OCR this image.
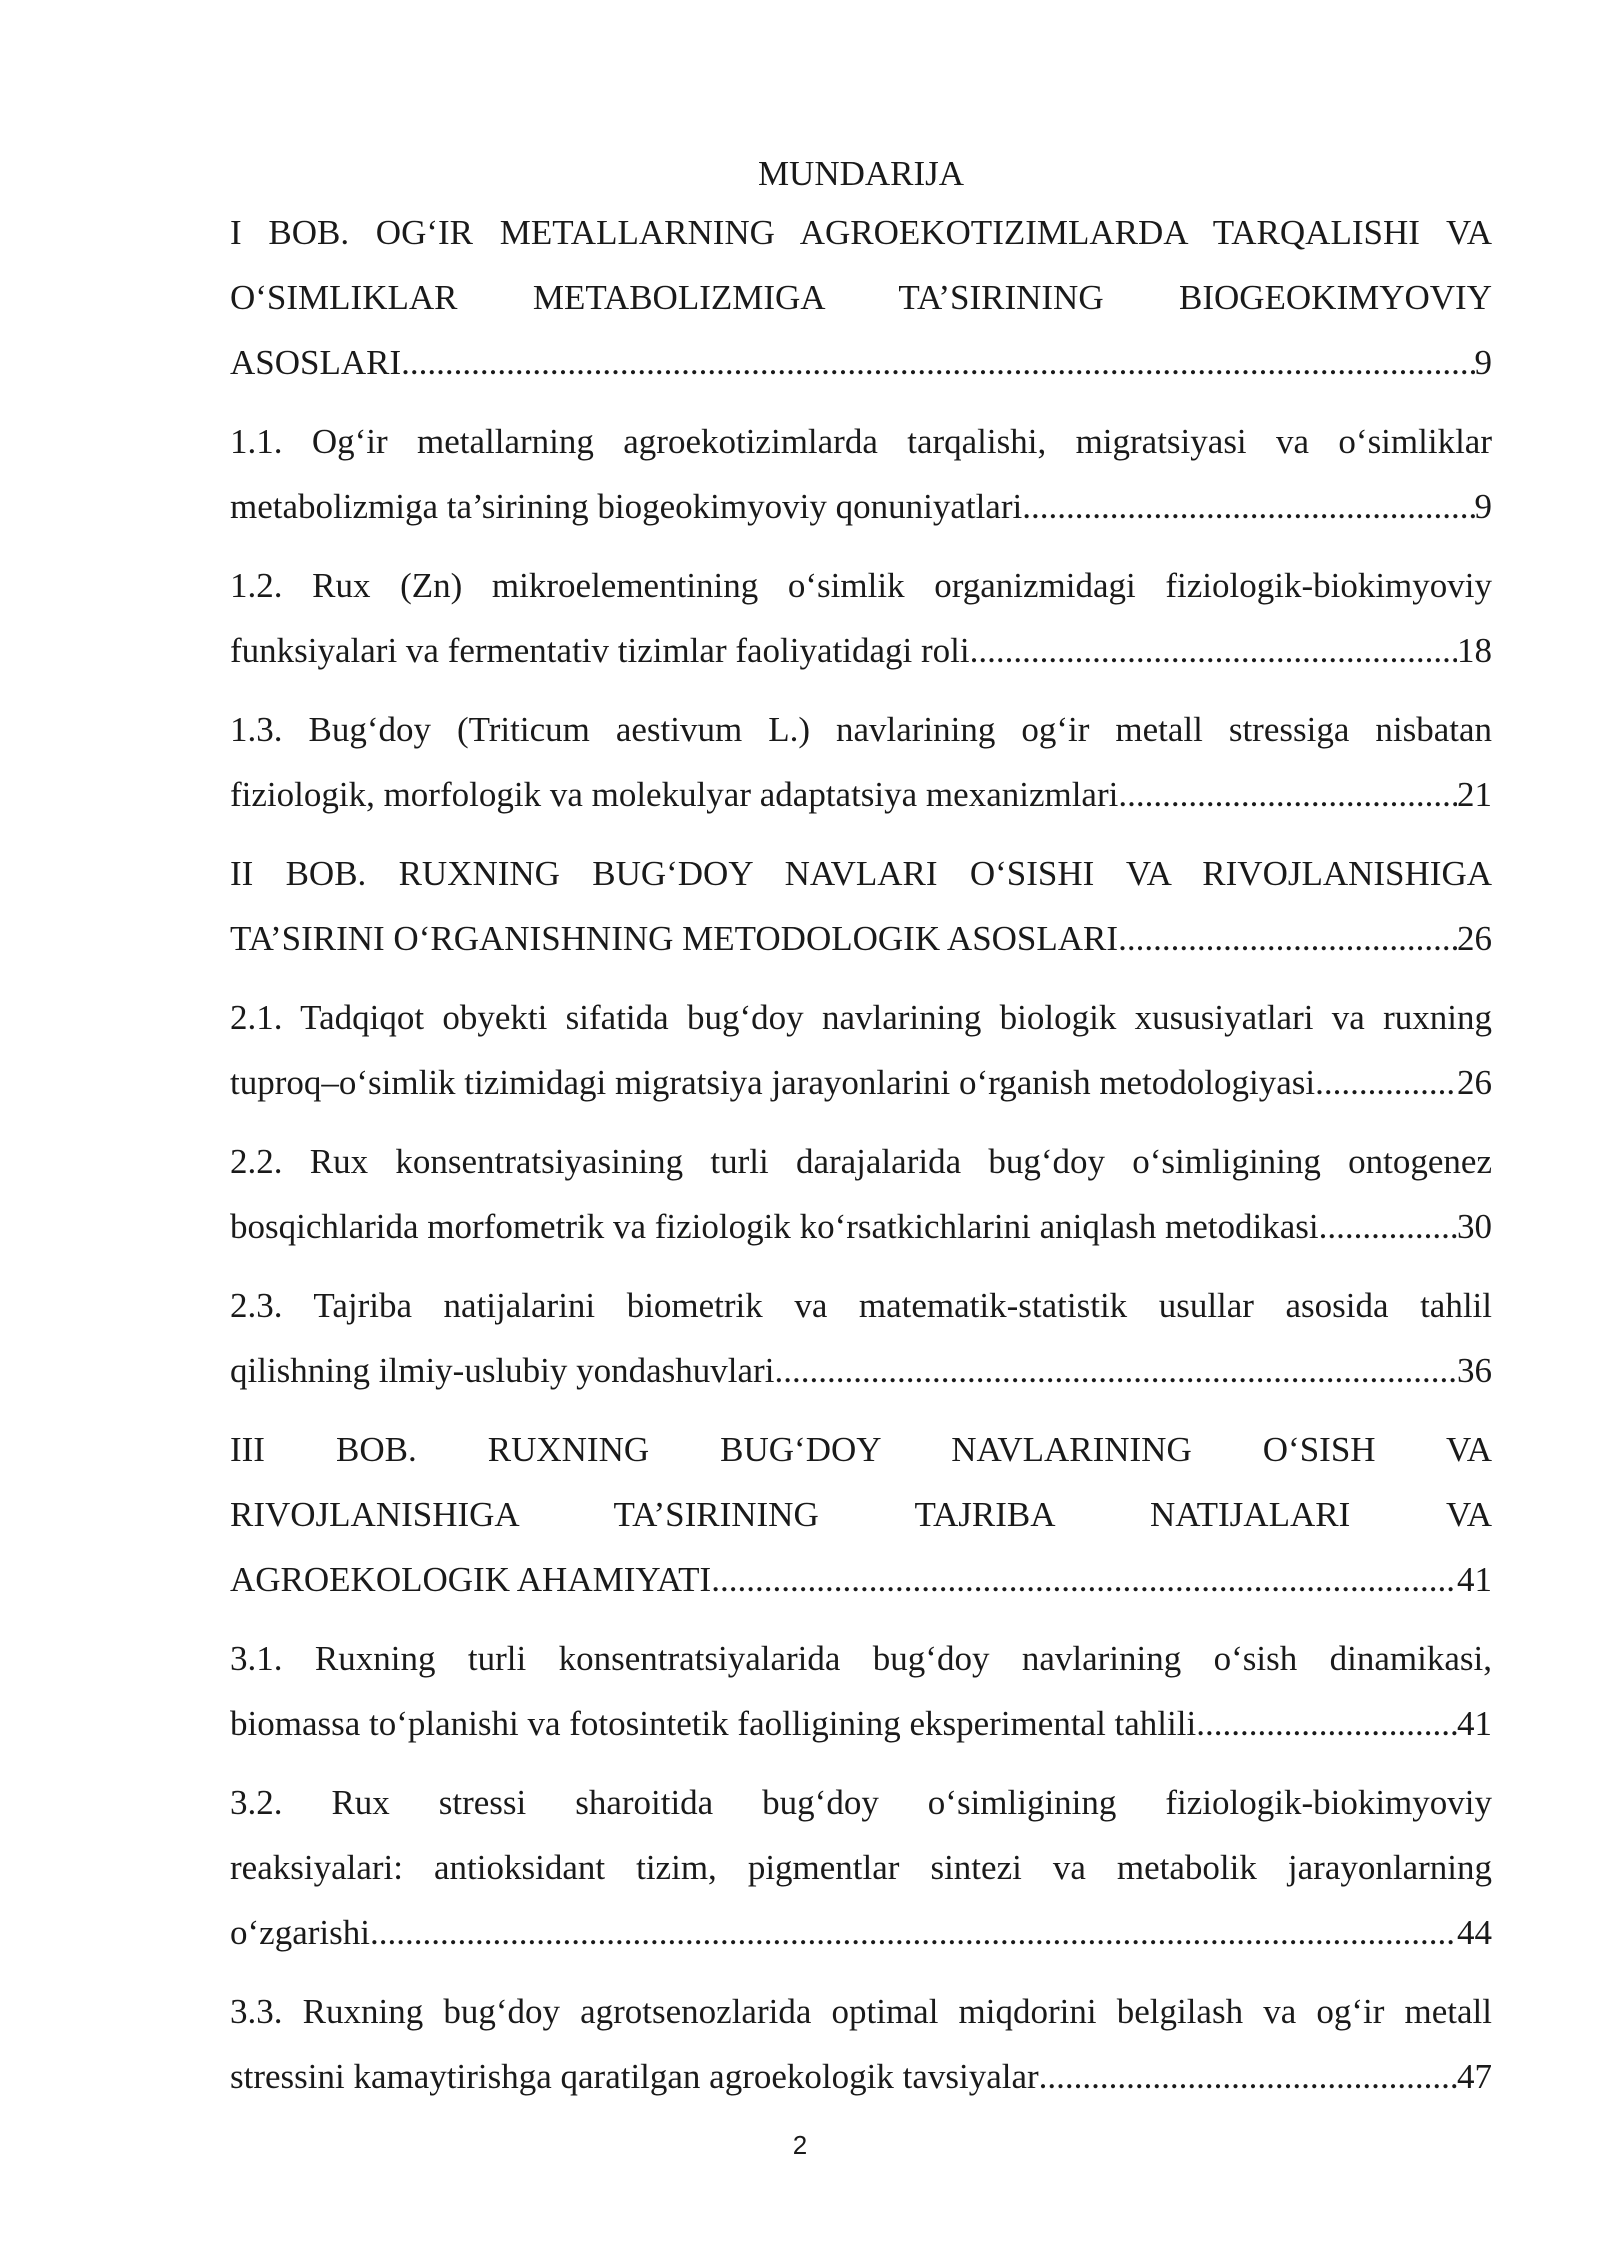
MUNDARIJA
I BOB. OG‘IR METALLARNING AGROEKOTIZIMLARDA TARQALISHI VA O‘SIMLIKLAR METABOLIZMIGA TA’SIRINING BIOGEOKIMYOVIY
ASOSLARI .....	9
1.1. Og‘ir metallarning agroekotizimlarda tarqalishi, migratsiyasi va o‘simliklar
metabolizmiga ta’sirining biogeokimyoviy qonuniyatlari .....	9
1.2. Rux (Zn) mikroelementining o‘simlik organizmidagi fiziologik-biokimyoviy
funksiyalari va fermentativ tizimlar faoliyatidagi roli .....	18
1.3. Bug‘doy (Triticum aestivum L.) navlarining og‘ir metall stressiga nisbatan
fiziologik, morfologik va molekulyar adaptatsiya mexanizmlari .....	21
II BOB. RUXNING BUG‘DOY NAVLARI O‘SISHI VA RIVOJLANISHIGA
TA’SIRINI O‘RGANISHNING METODOLOGIK ASOSLARI .....	26
2.1. Tadqiqot obyekti sifatida bug‘doy navlarining biologik xususiyatlari va ruxning
tuproq–o‘simlik tizimidagi migratsiya jarayonlarini o‘rganish metodologiyasi .....	26
2.2. Rux konsentratsiyasining turli darajalarida bug‘doy o‘simligining ontogenez
bosqichlarida morfometrik va fiziologik ko‘rsatkichlarini aniqlash metodikasi .....	30
2.3. Tajriba natijalarini biometrik va matematik-statistik usullar asosida tahlil
qilishning ilmiy-uslubiy yondashuvlari .....	36
III BOB. RUXNING BUG‘DOY NAVLARINING O‘SISH VA
RIVOJLANISHIGA TA’SIRINING TAJRIBA NATIJALARI VA
AGROEKOLOGIK AHAMIYATI .....	41
3.1. Ruxning turli konsentratsiyalarida bug‘doy navlarining o‘sish dinamikasi,
biomassa to‘planishi va fotosintetik faolligining eksperimental tahlili .....	41
3.2. Rux stressi sharoitida bug‘doy o‘simligining fiziologik-biokimyoviy
reaksiyalari: antioksidant tizim, pigmentlar sintezi va metabolik jarayonlarning
o‘zgarishi .....	44
3.3. Ruxning bug‘doy agrotsenozlarida optimal miqdorini belgilash va og‘ir metall
stressini kamaytirishga qaratilgan agroekologik tavsiyalar .....	47
2
